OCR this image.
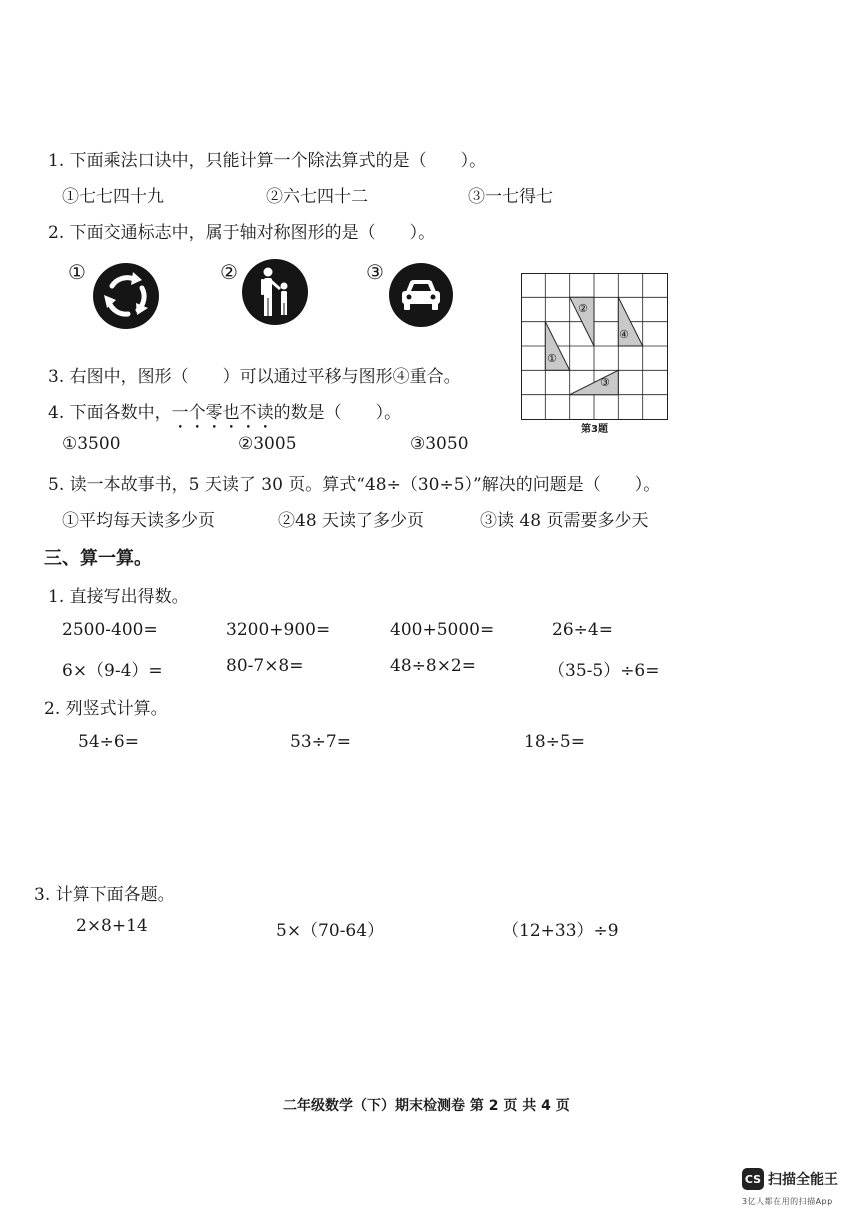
1. 下面乘法口诀中，只能计算一个除法算式的是（　　）。
①七七四十九	②六七四十二	③一七得七
2. 下面交通标志中，属于轴对称图形的是（　　）。
①	②	③
①
②
④
③
第3题
3. 右图中，图形（　　）可以通过平移与图形④重合。
4. 下面各数中，一个零也不读的数是（　　）。
①3500	②3005	③3050
5. 读一本故事书，5 天读了 30 页。算式“48÷（30÷5）”解决的问题是（　　）。
①平均每天读多少页	②48 天读了多少页	③读 48 页需要多少天
三、算一算。
1. 直接写出得数。
2500-400=	3200+900=	400+5000=	26÷4=
6×（9-4）=	80-7×8=	48÷8×2=	（35-5）÷6=
2. 列竖式计算。
54÷6=	53÷7=	18÷5=
3. 计算下面各题。
2×8+14	5×（70-64）	（12+33）÷9
二年级数学（下）期末检测卷 第 2 页 共 4 页
CS 扫描全能王
3亿人都在用的扫描App
